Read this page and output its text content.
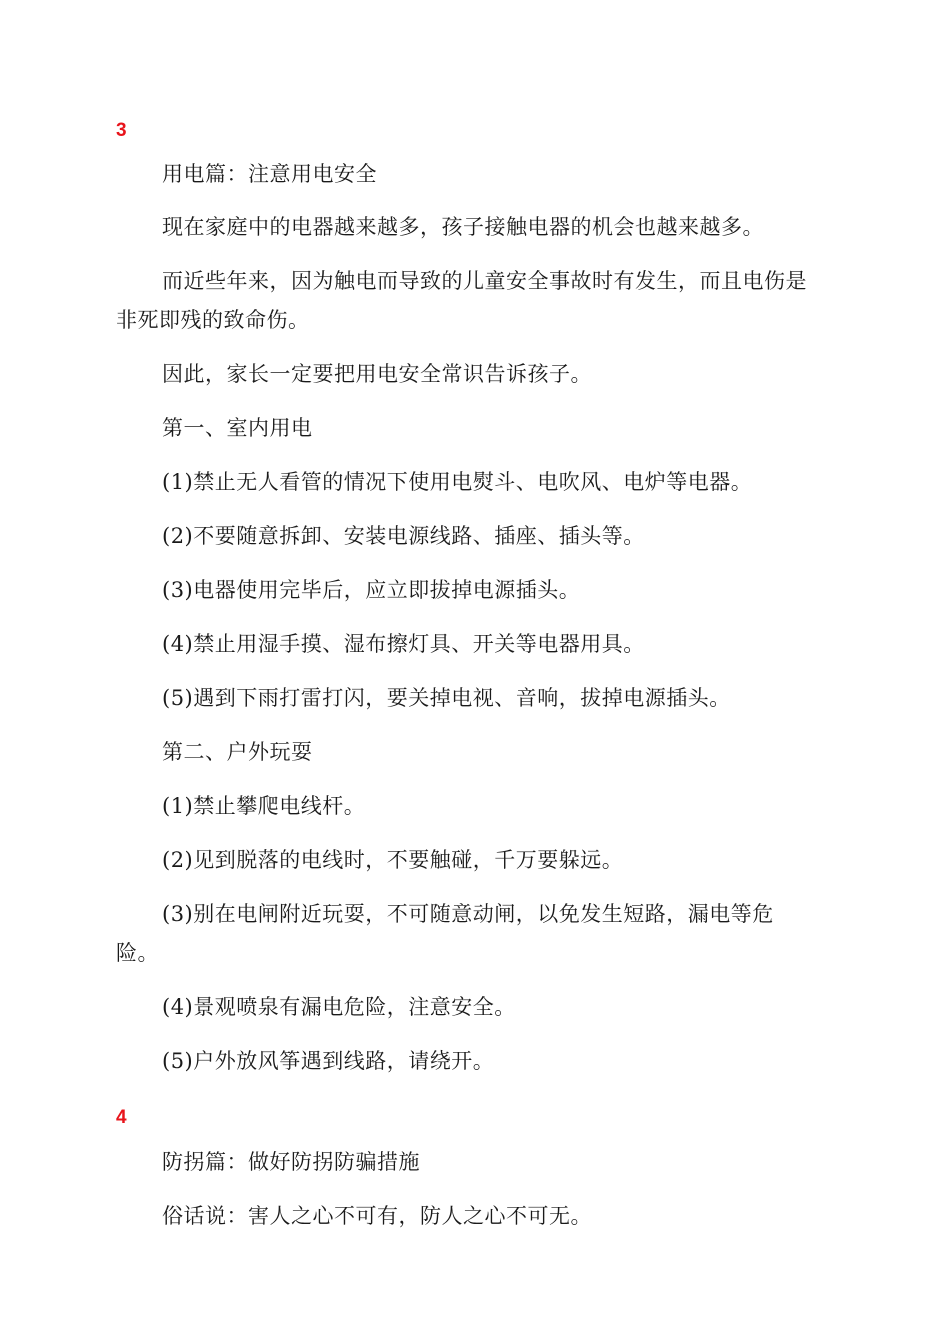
3
用电篇：注意用电安全
现在家庭中的电器越来越多，孩子接触电器的机会也越来越多。
而近些年来，因为触电而导致的儿童安全事故时有发生，而且电伤是
非死即残的致命伤。
因此，家长一定要把用电安全常识告诉孩子。
第一、室内用电
(1)禁止无人看管的情况下使用电熨斗、电吹风、电炉等电器。
(2)不要随意拆卸、安装电源线路、插座、插头等。
(3)电器使用完毕后，应立即拔掉电源插头。
(4)禁止用湿手摸、湿布擦灯具、开关等电器用具。
(5)遇到下雨打雷打闪，要关掉电视、音响，拔掉电源插头。
第二、户外玩耍
(1)禁止攀爬电线杆。
(2)见到脱落的电线时，不要触碰，千万要躲远。
(3)别在电闸附近玩耍，不可随意动闸，以免发生短路，漏电等危
险。
(4)景观喷泉有漏电危险，注意安全。
(5)户外放风筝遇到线路，请绕开。
4
防拐篇：做好防拐防骗措施
俗话说：害人之心不可有，防人之心不可无。
